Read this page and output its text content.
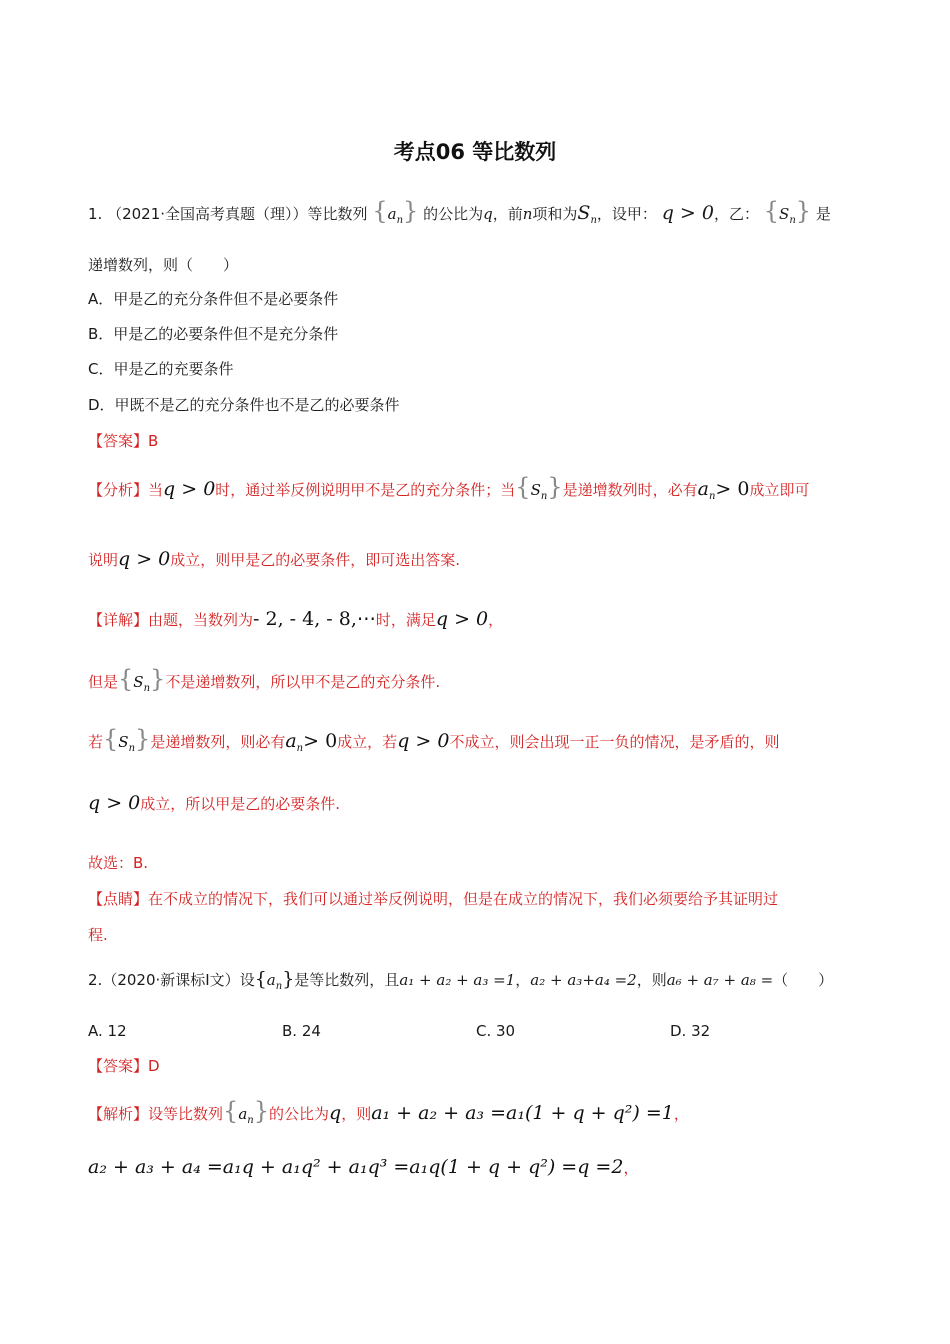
考点06 等比数列
1. （2021·全国高考真题（理））等比数列 $\{a_n\}$ 的公比为q，前n项和为$S_n$，设甲： q > 0，乙： $\{S_n\}$ 是
递增数列，则（　　）
A．甲是乙的充分条件但不是必要条件
B．甲是乙的必要条件但不是充分条件
C．甲是乙的充要条件
D．甲既不是乙的充分条件也不是乙的必要条件
【答案】B
【分析】当q > 0时，通过举反例说明甲不是乙的充分条件；当$\{S_n\}$是递增数列时，必有$a_n> 0$成立即可
说明q > 0成立，则甲是乙的必要条件，即可选出答案.
【详解】由题，当数列为- 2, - 4, - 8,⋯时，满足q > 0，
但是$\{S_n\}$不是递增数列，所以甲不是乙的充分条件.
若$\{S_n\}$是递增数列，则必有$a_n> 0$成立，若q > 0不成立，则会出现一正一负的情况，是矛盾的，则
q > 0成立，所以甲是乙的必要条件.
故选：B.
【点睛】在不成立的情况下，我们可以通过举反例说明，但是在成立的情况下，我们必须要给予其证明过
程.
2.（2020·新课标Ⅰ文）设$\{a_n\}$是等比数列，且a₁ + a₂ + a₃ =1，a₂ + a₃+a₄ =2，则a₆ + a₇ + a₈ =（　　）
A. 12	B. 24	C. 30	D. 32
【答案】D
【解析】设等比数列$\{a_n\}$的公比为q，则a₁ + a₂ + a₃ =a₁(1 + q + q²) =1，
a₂ + a₃ + a₄ =a₁q + a₁q² + a₁q³ =a₁q(1 + q + q²) =q =2，
